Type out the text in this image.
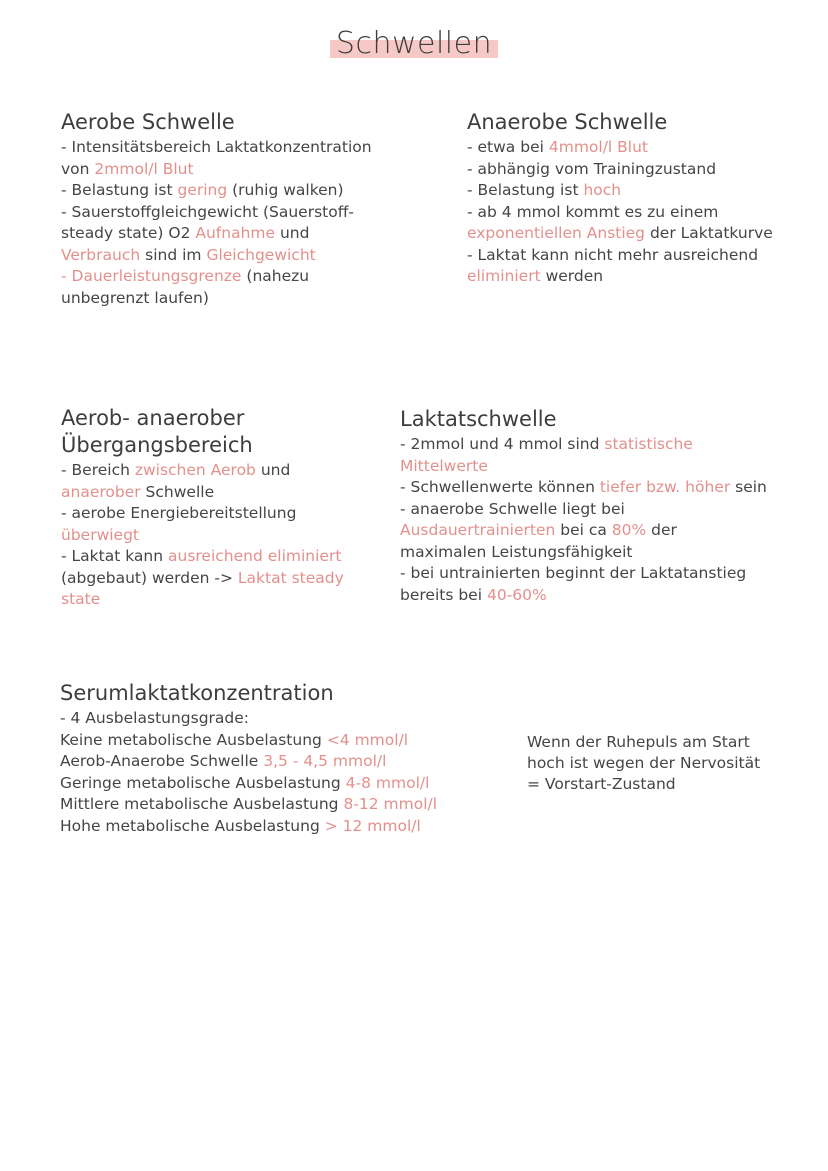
Schwellen
Aerobe Schwelle
- Intensitätsbereich Laktatkonzentration
von 2mmol/l Blut
- Belastung ist gering (ruhig walken)
- Sauerstoffgleichgewicht (Sauerstoff-
steady state) O2 Aufnahme und
Verbrauch sind im Gleichgewicht
- Dauerleistungsgrenze (nahezu
unbegrenzt laufen)
Anaerobe Schwelle
- etwa bei 4mmol/l Blut
- abhängig vom Trainingzustand
- Belastung ist hoch
- ab 4 mmol kommt es zu einem
exponentiellen Anstieg der Laktatkurve
- Laktat kann nicht mehr ausreichend
eliminiert werden
Aerob- anaerober
Übergangsbereich
- Bereich zwischen Aerob und
anaerober Schwelle
- aerobe Energiebereitstellung
überwiegt
- Laktat kann ausreichend eliminiert
(abgebaut) werden -> Laktat steady
state
Laktatschwelle
- 2mmol und 4 mmol sind statistische
Mittelwerte
- Schwellenwerte können tiefer bzw. höher sein
- anaerobe Schwelle liegt bei
Ausdauertrainierten bei ca 80% der
maximalen Leistungsfähigkeit
- bei untrainierten beginnt der Laktatanstieg
bereits bei 40-60%
Serumlaktatkonzentration
- 4 Ausbelastungsgrade:
Keine metabolische Ausbelastung <4 mmol/l
Aerob-Anaerobe Schwelle 3,5 - 4,5 mmol/l
Geringe metabolische Ausbelastung 4-8 mmol/l
Mittlere metabolische Ausbelastung 8-12 mmol/l
Hohe metabolische Ausbelastung > 12 mmol/l
Wenn der Ruhepuls am Start
hoch ist wegen der Nervosität
= Vorstart-Zustand
